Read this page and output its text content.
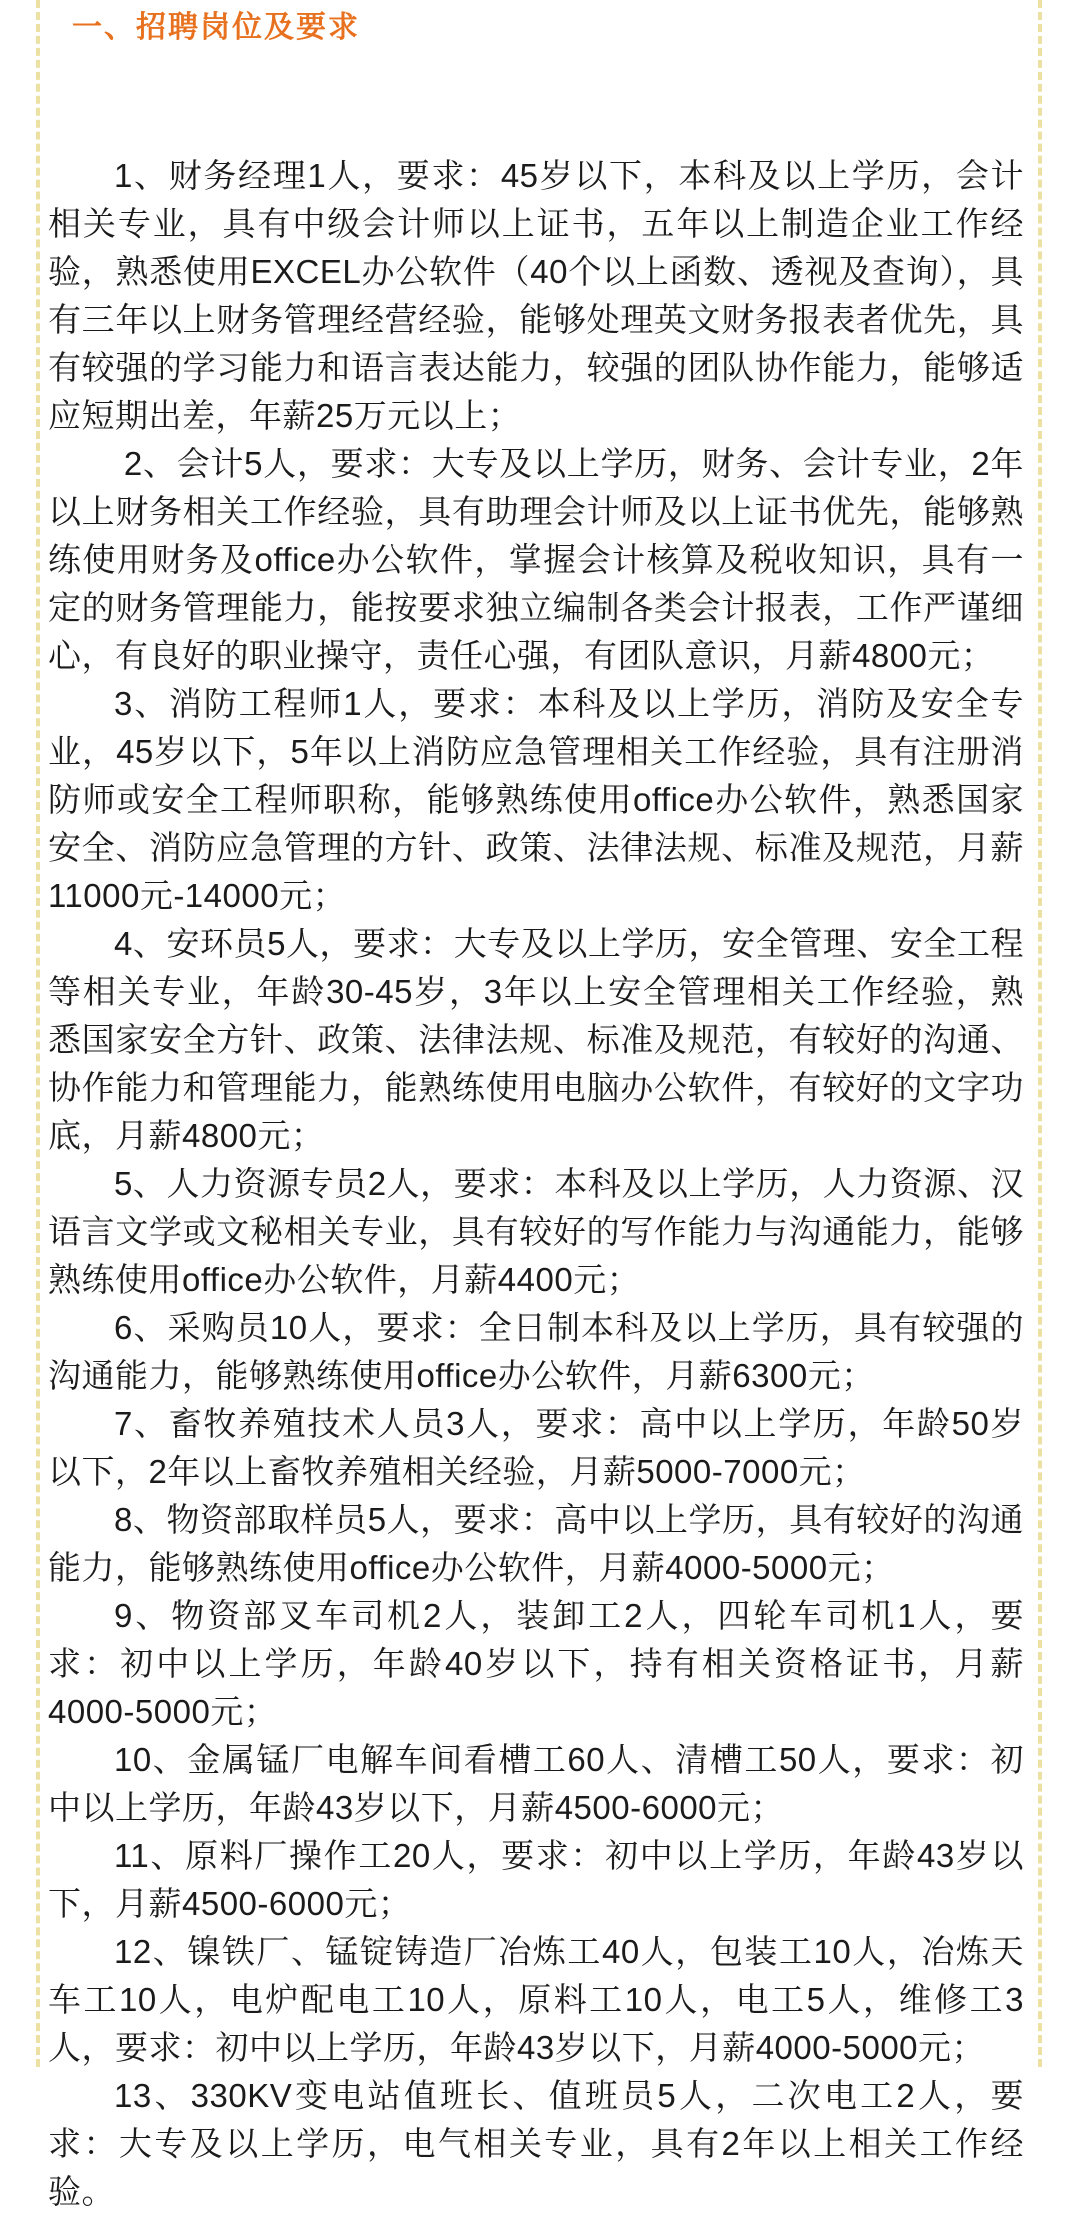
一、招聘岗位及要求

1、财务经理1人，要求：45岁以下，本科及以上学历，会计相关专业，具有中级会计师以上证书，五年以上制造企业工作经验，熟悉使用EXCEL办公软件（40个以上函数、透视及查询），具有三年以上财务管理经营经验，能够处理英文财务报表者优先，具有较强的学习能力和语言表达能力，较强的团队协作能力，能够适应短期出差，年薪25万元以上；

2、会计5人，要求：大专及以上学历，财务、会计专业，2年以上财务相关工作经验，具有助理会计师及以上证书优先，能够熟练使用财务及office办公软件，掌握会计核算及税收知识，具有一定的财务管理能力，能按要求独立编制各类会计报表，工作严谨细心，有良好的职业操守，责任心强，有团队意识，月薪4800元；

3、消防工程师1人，要求：本科及以上学历，消防及安全专业，45岁以下，5年以上消防应急管理相关工作经验，具有注册消防师或安全工程师职称，能够熟练使用office办公软件，熟悉国家安全、消防应急管理的方针、政策、法律法规、标准及规范，月薪11000元-14000元；

4、安环员5人，要求：大专及以上学历，安全管理、安全工程等相关专业，年龄30-45岁，3年以上安全管理相关工作经验，熟悉国家安全方针、政策、法律法规、标准及规范，有较好的沟通、协作能力和管理能力，能熟练使用电脑办公软件，有较好的文字功底，月薪4800元；

5、人力资源专员2人，要求：本科及以上学历，人力资源、汉语言文学或文秘相关专业，具有较好的写作能力与沟通能力，能够熟练使用office办公软件，月薪4400元；

6、采购员10人，要求：全日制本科及以上学历，具有较强的沟通能力，能够熟练使用office办公软件，月薪6300元；

7、畜牧养殖技术人员3人，要求：高中以上学历，年龄50岁以下，2年以上畜牧养殖相关经验，月薪5000-7000元；

8、物资部取样员5人，要求：高中以上学历，具有较好的沟通能力，能够熟练使用office办公软件，月薪4000-5000元；

9、物资部叉车司机2人，装卸工2人，四轮车司机1人，要求：初中以上学历，年龄40岁以下，持有相关资格证书，月薪4000-5000元；

10、金属锰厂电解车间看槽工60人、清槽工50人，要求：初中以上学历，年龄43岁以下，月薪4500-6000元；

11、原料厂操作工20人，要求：初中以上学历，年龄43岁以下，月薪4500-6000元；

12、镍铁厂、锰锭铸造厂冶炼工40人，包装工10人，冶炼天车工10人，电炉配电工10人，原料工10人，电工5人，维修工3人，要求：初中以上学历，年龄43岁以下，月薪4000-5000元；

13、330KV变电站值班长、值班员5人，二次电工2人，要求：大专及以上学历，电气相关专业，具有2年以上相关工作经验。
